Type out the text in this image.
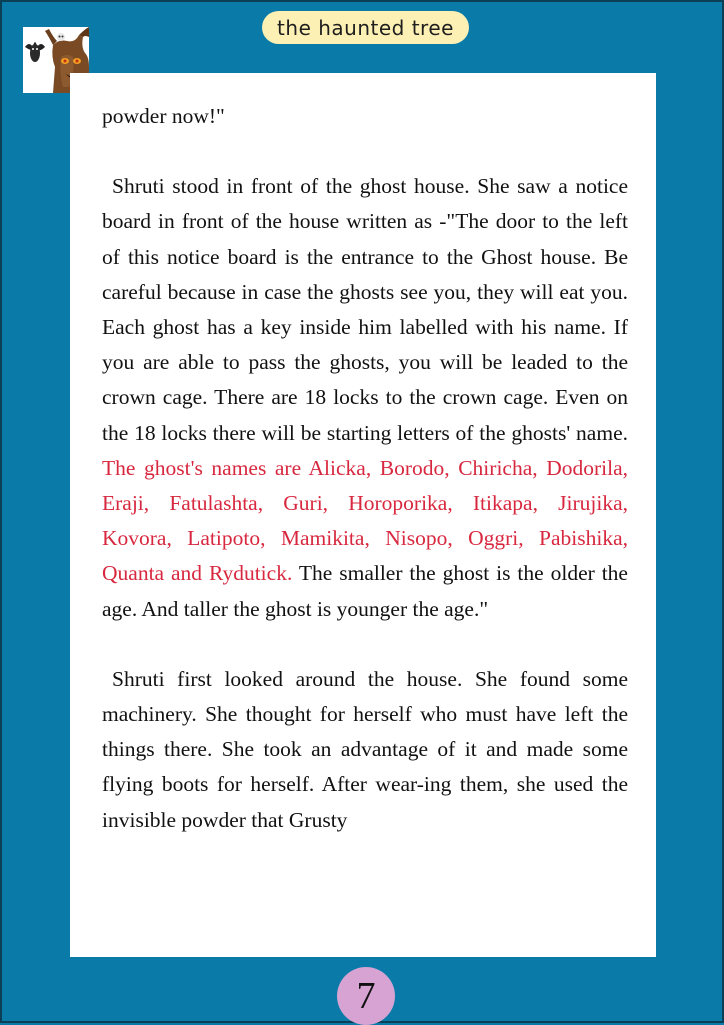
the haunted tree

powder now!"

Shruti stood in front of the ghost house. She saw a notice board in front of the house written as -"The door to the left of this notice board is the entrance to the Ghost house. Be careful because in case the ghosts see you, they will eat you. Each ghost has a key inside him labelled with his name. If you are able to pass the ghosts, you will be leaded to the crown cage. There are 18 locks to the crown cage. Even on the 18 locks there will be starting letters of the ghosts' name. The ghost's names are Alicka, Borodo, Chiricha, Dodorila, Eraji, Fatulashta, Guri, Horoporika, Itikapa, Jirujika, Kovora, Latipoto, Mamikita, Nisopo, Oggri, Pabishika, Quanta and Rydutick. The smaller the ghost is the older the age. And taller the ghost is younger the age."

Shruti first looked around the house. She found some machinery. She thought for herself who must have left the things there. She took an advantage of it and made some flying boots for herself. After wear-ing them, she used the invisible powder that Grusty

7
